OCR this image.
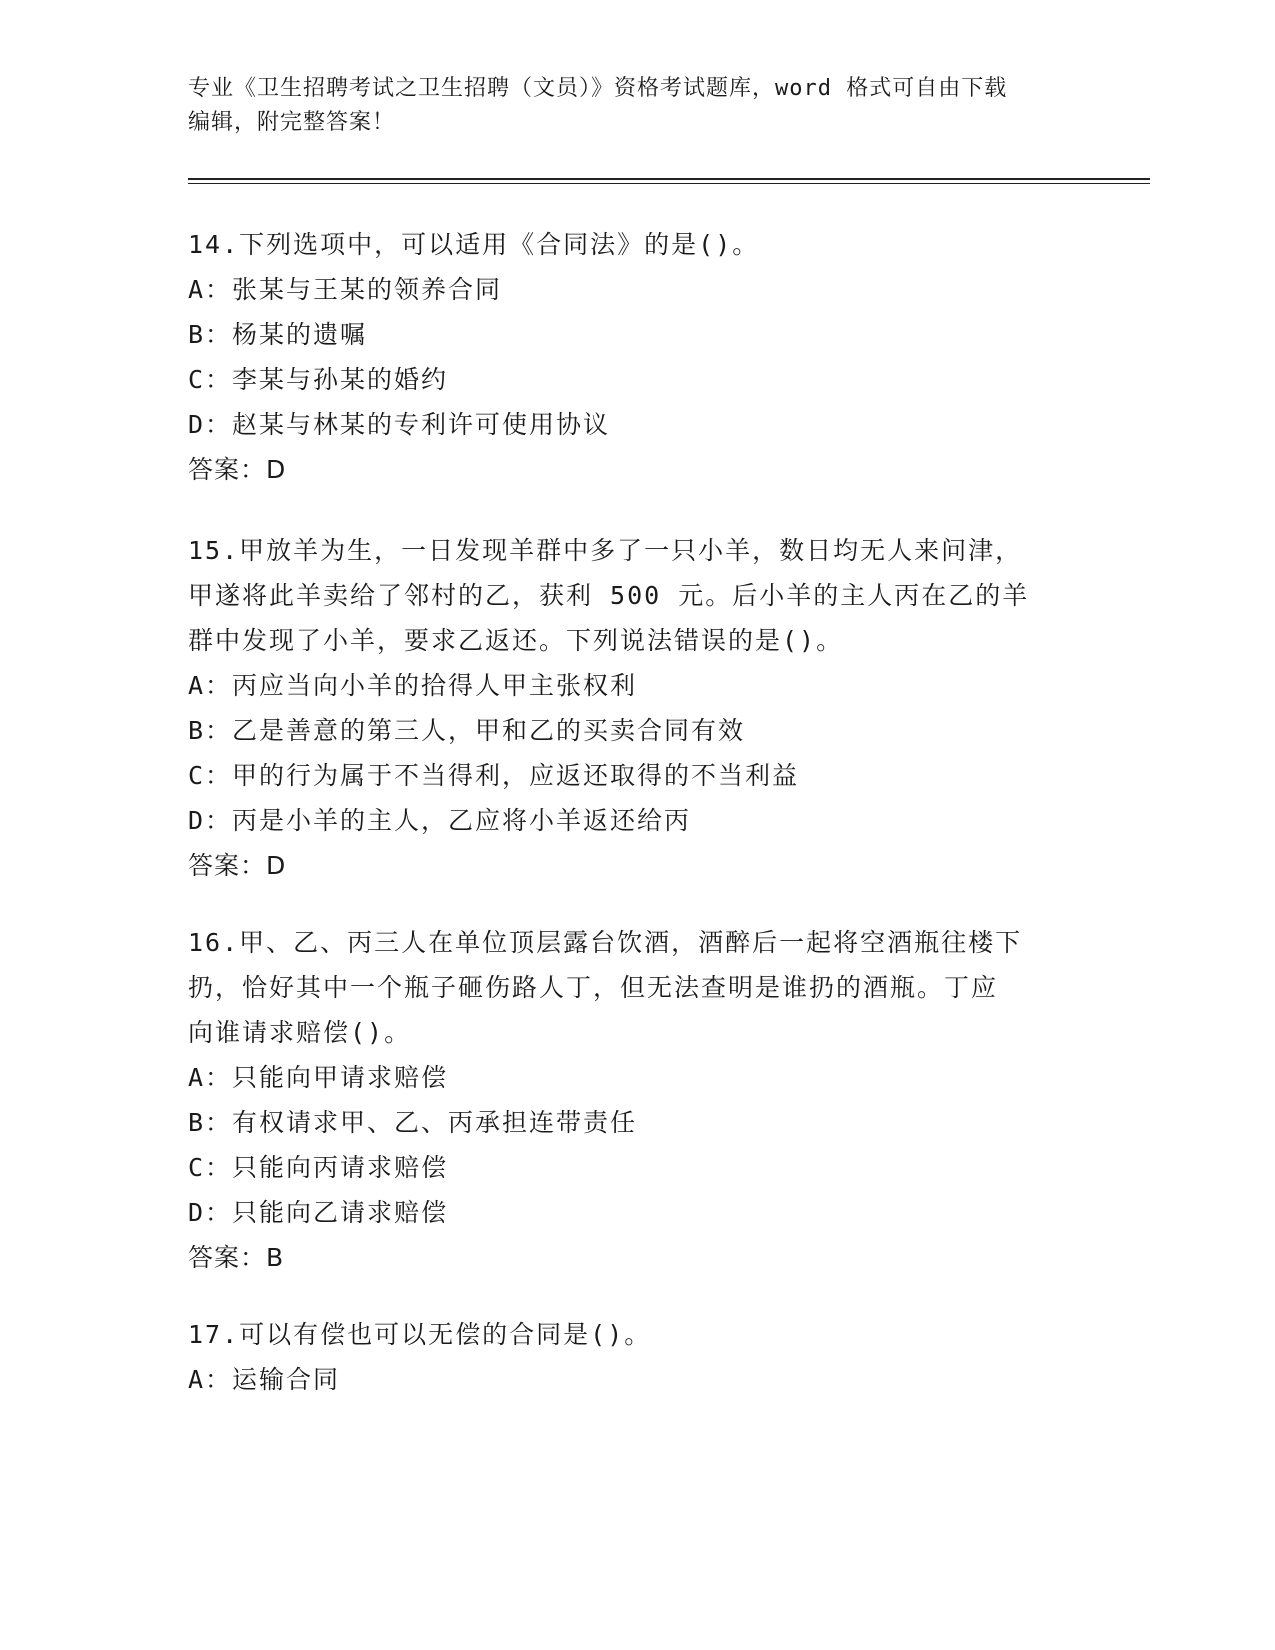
专业《卫生招聘考试之卫生招聘（文员）》资格考试题库，word 格式可自由下载
编辑，附完整答案！
14.下列选项中，可以适用《合同法》的是()。
A：张某与王某的领养合同
B：杨某的遗嘱
C：李某与孙某的婚约
D：赵某与林某的专利许可使用协议
答案：D
15.甲放羊为生，一日发现羊群中多了一只小羊，数日均无人来问津，
甲遂将此羊卖给了邻村的乙，获利 500 元。后小羊的主人丙在乙的羊
群中发现了小羊，要求乙返还。下列说法错误的是()。
A：丙应当向小羊的拾得人甲主张权利
B：乙是善意的第三人，甲和乙的买卖合同有效
C：甲的行为属于不当得利，应返还取得的不当利益
D：丙是小羊的主人，乙应将小羊返还给丙
答案：D
16.甲、乙、丙三人在单位顶层露台饮酒，酒醉后一起将空酒瓶往楼下
扔，恰好其中一个瓶子砸伤路人丁，但无法查明是谁扔的酒瓶。丁应
向谁请求赔偿()。
A：只能向甲请求赔偿
B：有权请求甲、乙、丙承担连带责任
C：只能向丙请求赔偿
D：只能向乙请求赔偿
答案：B
17.可以有偿也可以无偿的合同是()。
A：运输合同
